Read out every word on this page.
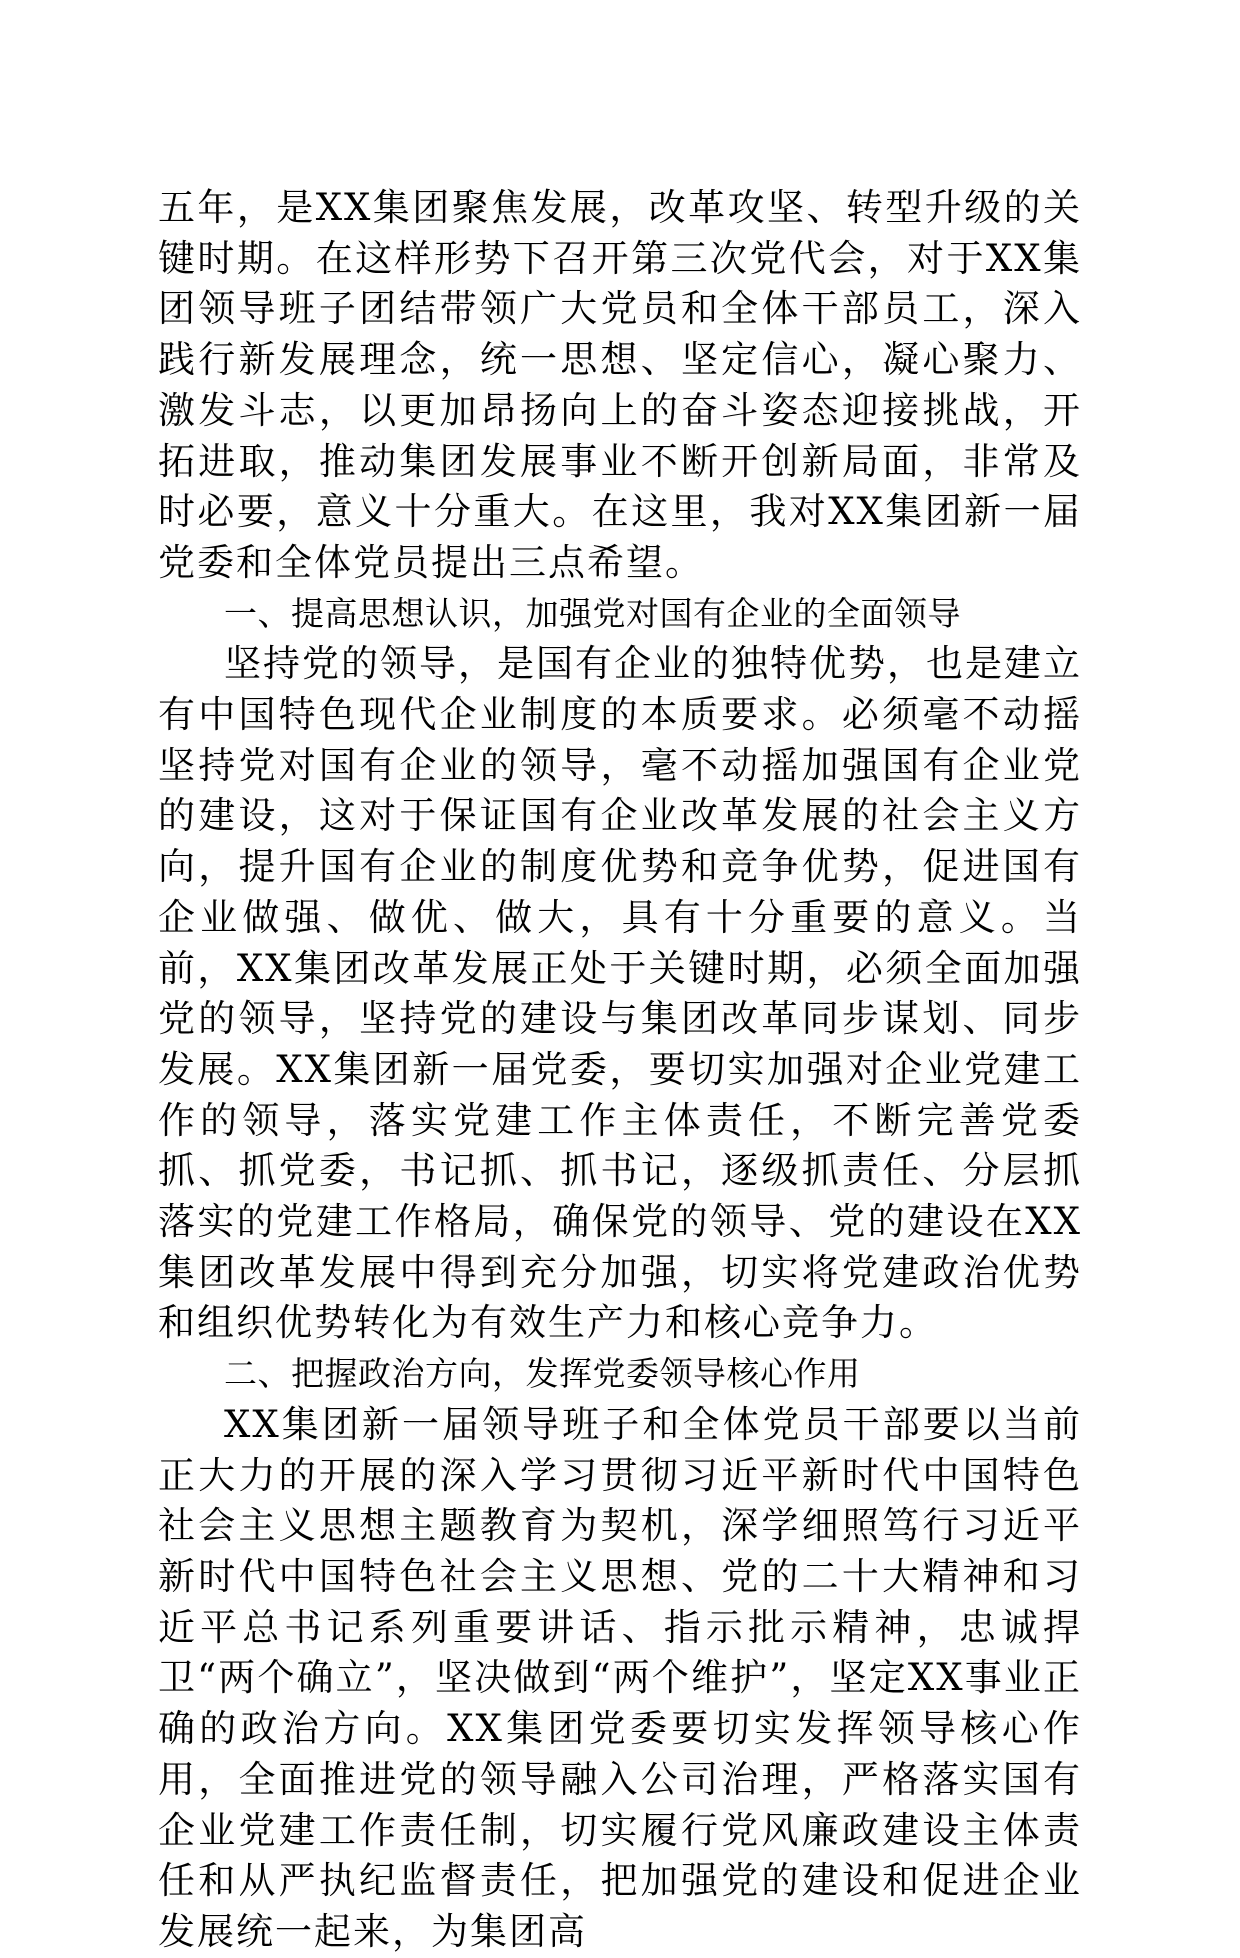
五年，是XX集团聚焦发展，改革攻坚、转型升级的关键时期。在这样形势下召开第三次党代会，对于XX集团领导班子团结带领广大党员和全体干部员工，深入践行新发展理念，统一思想、坚定信心，凝心聚力、激发斗志，以更加昂扬向上的奋斗姿态迎接挑战，开拓进取，推动集团发展事业不断开创新局面，非常及时必要，意义十分重大。在这里，我对XX集团新一届党委和全体党员提出三点希望。

一、提高思想认识，加强党对国有企业的全面领导

坚持党的领导，是国有企业的独特优势，也是建立有中国特色现代企业制度的本质要求。必须毫不动摇坚持党对国有企业的领导，毫不动摇加强国有企业党的建设，这对于保证国有企业改革发展的社会主义方向，提升国有企业的制度优势和竞争优势，促进国有企业做强、做优、做大，具有十分重要的意义。当前，XX集团改革发展正处于关键时期，必须全面加强党的领导，坚持党的建设与集团改革同步谋划、同步发展。XX集团新一届党委，要切实加强对企业党建工作的领导，落实党建工作主体责任，不断完善党委抓、抓党委，书记抓、抓书记，逐级抓责任、分层抓落实的党建工作格局，确保党的领导、党的建设在XX集团改革发展中得到充分加强，切实将党建政治优势和组织优势转化为有效生产力和核心竞争力。

二、把握政治方向，发挥党委领导核心作用

XX集团新一届领导班子和全体党员干部要以当前正大力的开展的深入学习贯彻习近平新时代中国特色社会主义思想主题教育为契机，深学细照笃行习近平新时代中国特色社会主义思想、党的二十大精神和习近平总书记系列重要讲话、指示批示精神，忠诚捍卫“两个确立”，坚决做到“两个维护”，坚定XX事业正确的政治方向。XX集团党委要切实发挥领导核心作用，全面推进党的领导融入公司治理，严格落实国有企业党建工作责任制，切实履行党风廉政建设主体责任和从严执纪监督责任，把加强党的建设和促进企业发展统一起来，为集团高
